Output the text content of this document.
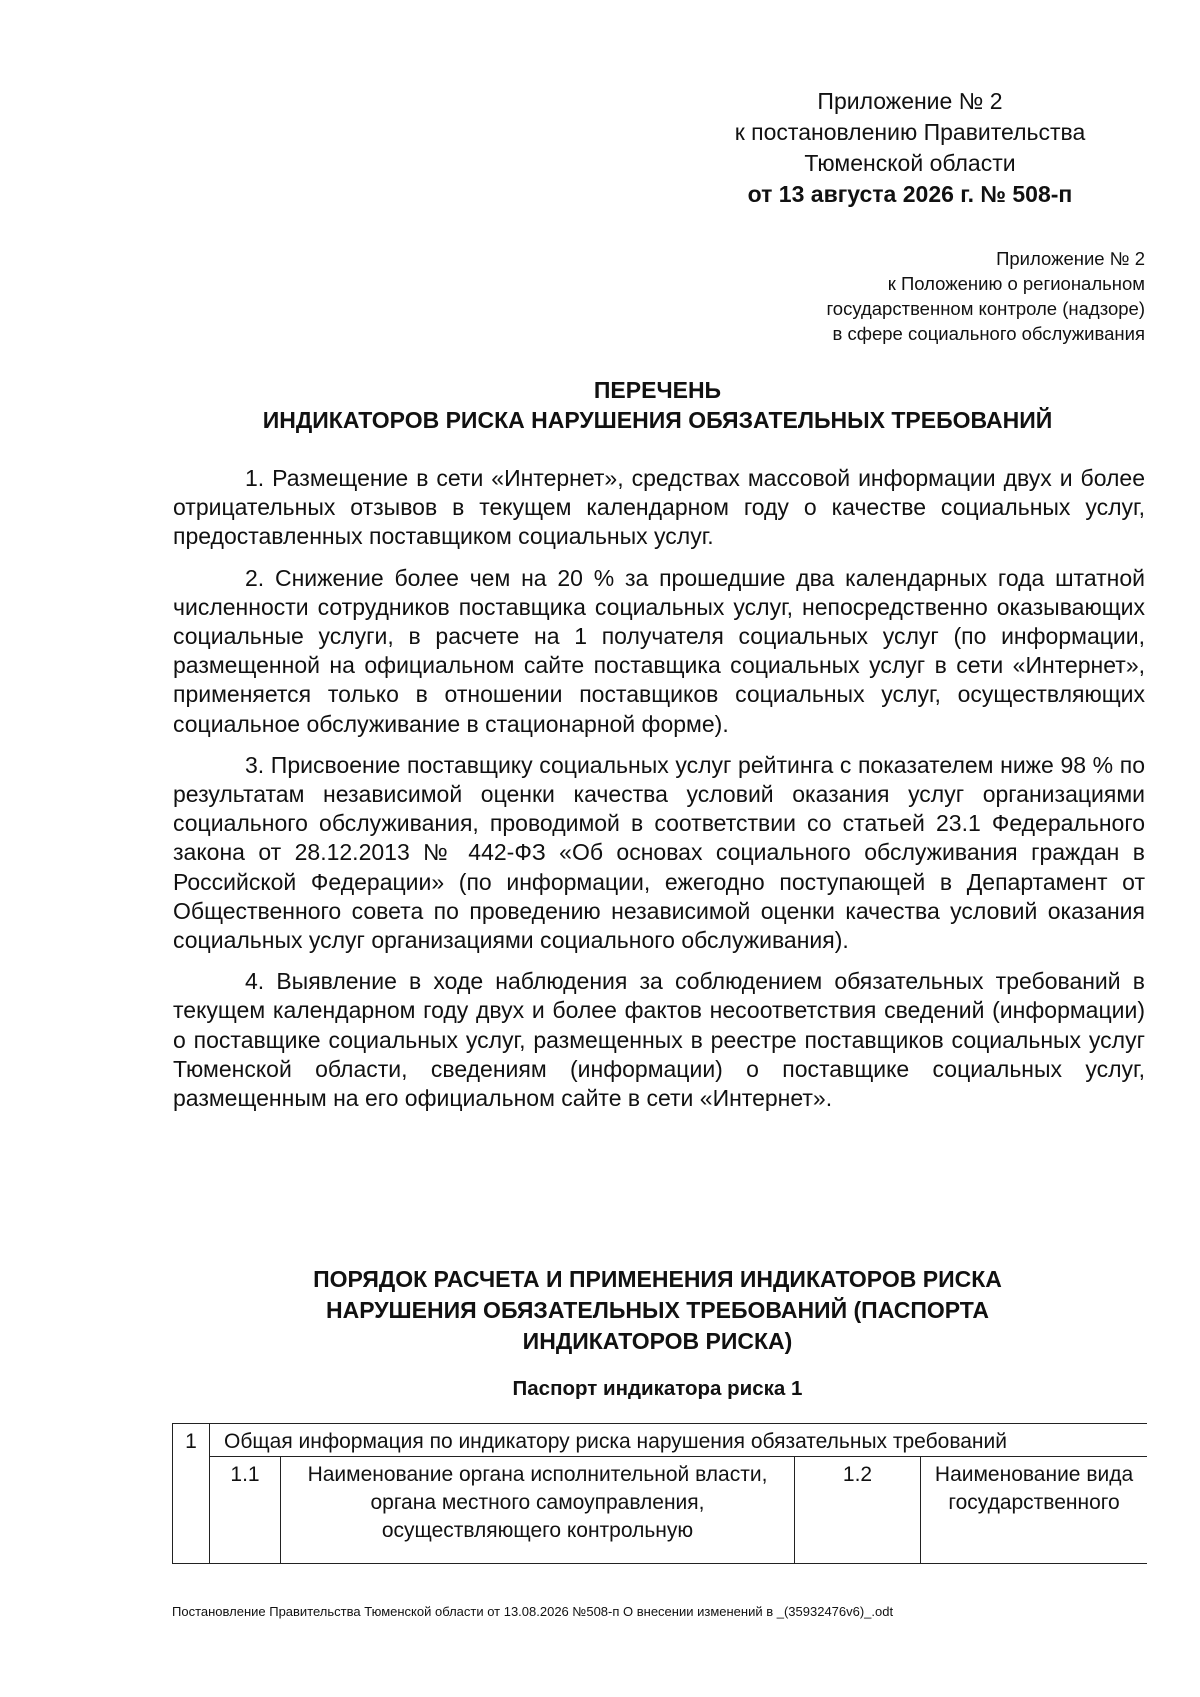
Приложение № 2
к постановлению Правительства
Тюменской области
от 13 августа 2026 г. № 508-п
Приложение № 2
к Положению о региональном
государственном контроле (надзоре)
в сфере социального обслуживания
ПЕРЕЧЕНЬ
ИНДИКАТОРОВ РИСКА НАРУШЕНИЯ ОБЯЗАТЕЛЬНЫХ ТРЕБОВАНИЙ

1. Размещение в сети «Интернет», средствах массовой информации двух и более отрицательных отзывов в текущем календарном году о качестве социальных услуг, предоставленных поставщиком социальных услуг.

2. Снижение более чем на 20 % за прошедшие два календарных года штатной численности сотрудников поставщика социальных услуг, непосредственно оказывающих социальные услуги, в расчете на 1 получателя социальных услуг (по информации, размещенной на официальном сайте поставщика социальных услуг в сети «Интернет», применяется только в отношении поставщиков социальных услуг, осуществляющих социальное обслуживание в стационарной форме).

3. Присвоение поставщику социальных услуг рейтинга с показателем ниже 98 % по результатам независимой оценки качества условий оказания услуг организациями социального обслуживания, проводимой в соответствии со статьей 23.1 Федерального закона от 28.12.2013 № 442-ФЗ «Об основах социального обслуживания граждан в Российской Федерации» (по информации, ежегодно поступающей в Департамент от Общественного совета по проведению независимой оценки качества условий оказания социальных услуг организациями социального обслуживания).

4. Выявление в ходе наблюдения за соблюдением обязательных требований в текущем календарном году двух и более фактов несоответствия сведений (информации) о поставщике социальных услуг, размещенных в реестре поставщиков социальных услуг Тюменской области, сведениям (информации) о поставщике социальных услуг, размещенным на его официальном сайте в сети «Интернет».

ПОРЯДОК РАСЧЕТА И ПРИМЕНЕНИЯ ИНДИКАТОРОВ РИСКА
НАРУШЕНИЯ ОБЯЗАТЕЛЬНЫХ ТРЕБОВАНИЙ (ПАСПОРТА
ИНДИКАТОРОВ РИСКА)
Паспорт индикатора риска 1
1	Общая информация по индикатору риска нарушения обязательных требований			
	1.1	Наименование органа исполнительной власти, органа местного самоуправления, осуществляющего контрольную	1.2	Наименование вида государственного
Постановление Правительства Тюменской области от 13.08.2026 №508-п О внесении изменений в _(35932476v6)_.odt
